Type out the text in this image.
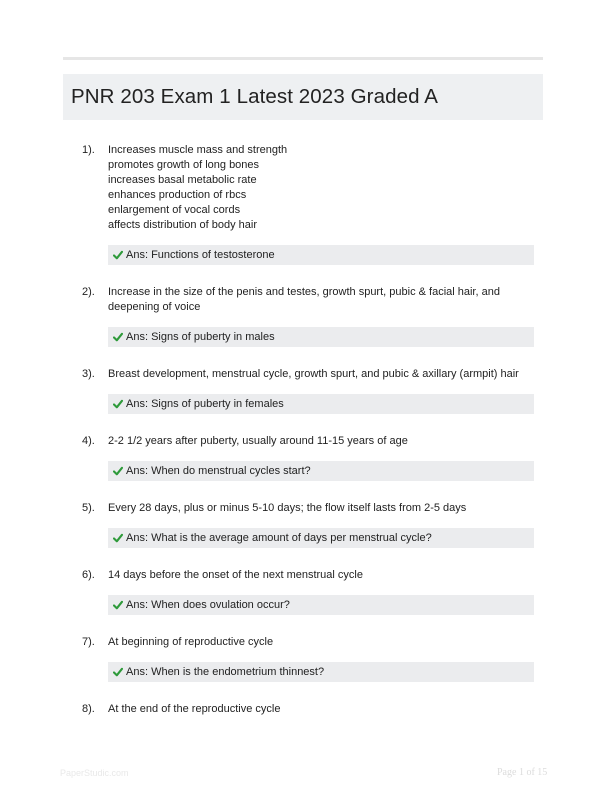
PNR 203 Exam 1 Latest 2023 Graded A
1). Increases muscle mass and strength
promotes growth of long bones
increases basal metabolic rate
enhances production of rbcs
enlargement of vocal cords
affects distribution of body hair
Ans: Functions of testosterone
2). Increase in the size of the penis and testes, growth spurt, pubic & facial hair, and
deepening of voice
Ans: Signs of puberty in males
3). Breast development, menstrual cycle, growth spurt, and pubic & axillary (armpit) hair
Ans: Signs of puberty in females
4). 2-2 1/2 years after puberty, usually around 11-15 years of age
Ans: When do menstrual cycles start?
5). Every 28 days, plus or minus 5-10 days; the flow itself lasts from 2-5 days
Ans: What is the average amount of days per menstrual cycle?
6). 14 days before the onset of the next menstrual cycle
Ans: When does ovulation occur?
7). At beginning of reproductive cycle
Ans: When is the endometrium thinnest?
8). At the end of the reproductive cycle
PaperStudic.com	Page 1 of 15
